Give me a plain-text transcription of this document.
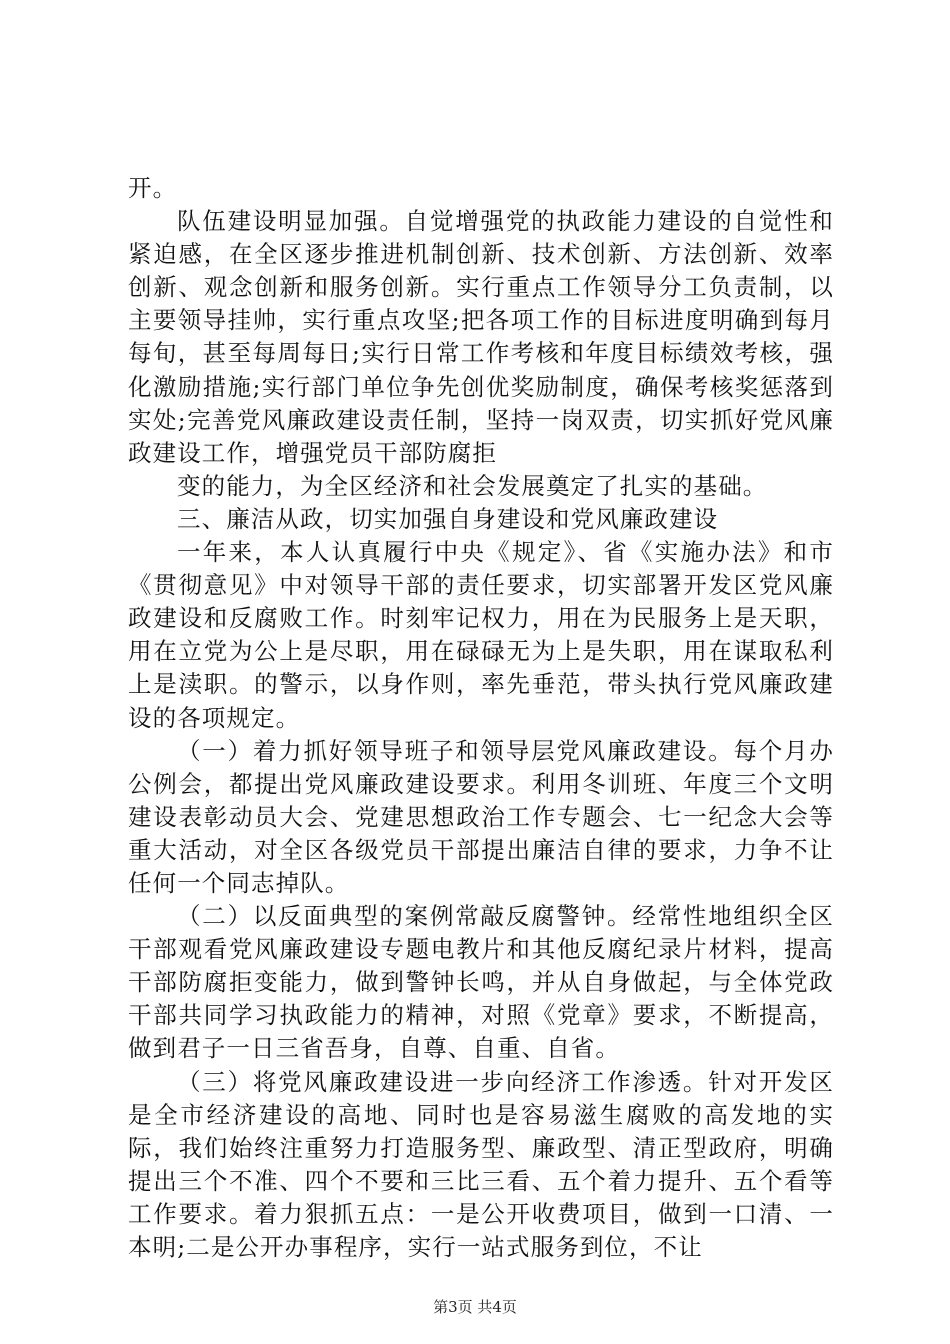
开。

队伍建设明显加强。自觉增强党的执政能力建设的自觉性和紧迫感，在全区逐步推进机制创新、技术创新、方法创新、效率创新、观念创新和服务创新。实行重点工作领导分工负责制，以主要领导挂帅，实行重点攻坚;把各项工作的目标进度明确到每月每旬，甚至每周每日;实行日常工作考核和年度目标绩效考核，强化激励措施;实行部门单位争先创优奖励制度，确保考核奖惩落到实处;完善党风廉政建设责任制，坚持一岗双责，切实抓好党风廉政建设工作，增强党员干部防腐拒

变的能力，为全区经济和社会发展奠定了扎实的基础。

三、廉洁从政，切实加强自身建设和党风廉政建设

一年来，本人认真履行中央《规定》、省《实施办法》和市《贯彻意见》中对领导干部的责任要求，切实部署开发区党风廉政建设和反腐败工作。时刻牢记权力，用在为民服务上是天职，用在立党为公上是尽职，用在碌碌无为上是失职，用在谋取私利上是渎职。的警示，以身作则，率先垂范，带头执行党风廉政建设的各项规定。

（一）着力抓好领导班子和领导层党风廉政建设。每个月办公例会，都提出党风廉政建设要求。利用冬训班、年度三个文明建设表彰动员大会、党建思想政治工作专题会、七一纪念大会等重大活动，对全区各级党员干部提出廉洁自律的要求，力争不让任何一个同志掉队。

（二）以反面典型的案例常敲反腐警钟。经常性地组织全区干部观看党风廉政建设专题电教片和其他反腐纪录片材料，提高干部防腐拒变能力，做到警钟长鸣，并从自身做起，与全体党政干部共同学习执政能力的精神，对照《党章》要求，不断提高，做到君子一日三省吾身，自尊、自重、自省。

（三）将党风廉政建设进一步向经济工作渗透。针对开发区是全市经济建设的高地、同时也是容易滋生腐败的高发地的实际，我们始终注重努力打造服务型、廉政型、清正型政府，明确提出三个不准、四个不要和三比三看、五个着力提升、五个看等工作要求。着力狠抓五点：一是公开收费项目，做到一口清、一本明;二是公开办事程序，实行一站式服务到位，不让

第3页 共4页
